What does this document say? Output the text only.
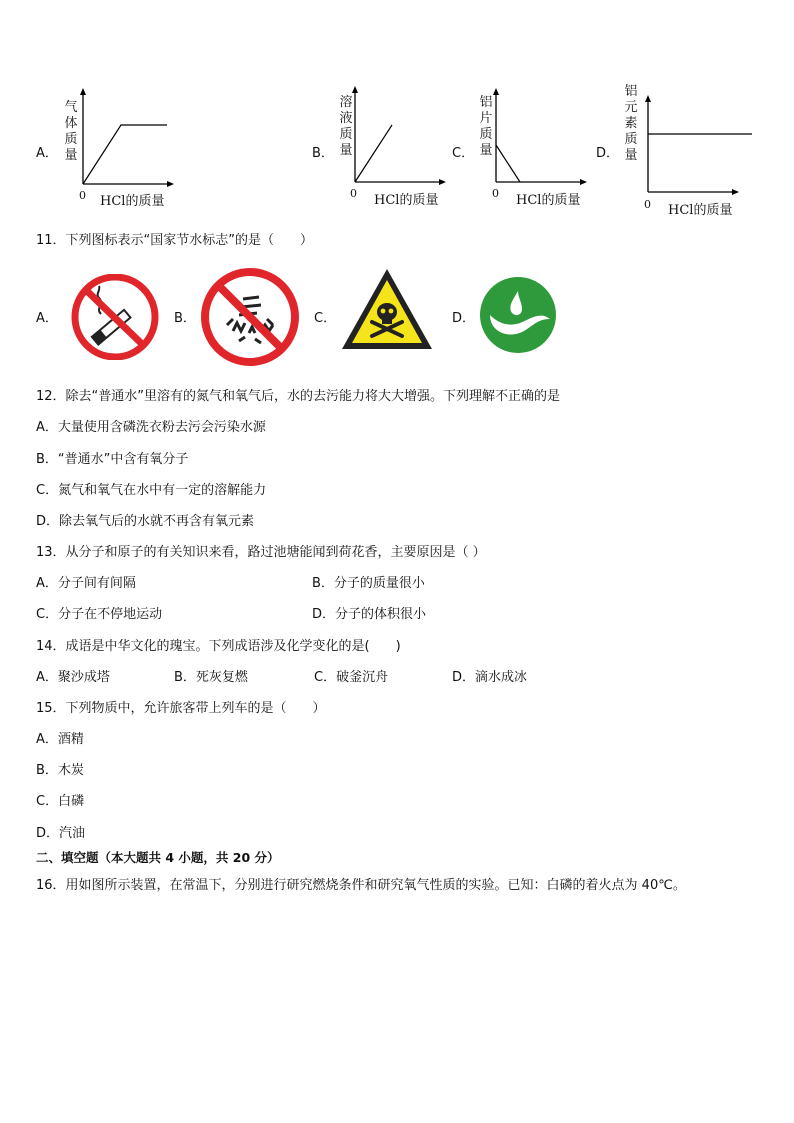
A．
气体质量
0 HCl的质量
B．
溶液质量
0 HCl的质量
C．
铝片质量
0 HCl的质量
D．
铝元素质量
0 HCl的质量
11．下列图标表示“国家节水标志”的是（　　）
A．	B．	C．	D．
12．除去“普通水”里溶有的氮气和氧气后，水的去污能力将大大增强。下列理解不正确的是
A．大量使用含磷洗衣粉去污会污染水源
B．“普通水”中含有氧分子
C．氮气和氧气在水中有一定的溶解能力
D．除去氧气后的水就不再含有氧元素
13．从分子和原子的有关知识来看，路过池塘能闻到荷花香，主要原因是（ ）
A．分子间有间隔	B．分子的质量很小
C．分子在不停地运动	D．分子的体积很小
14．成语是中华文化的瑰宝。下列成语涉及化学变化的是(　　)
A．聚沙成塔	B．死灰复燃	C．破釜沉舟	D．滴水成冰
15．下列物质中，允许旅客带上列车的是（　　）
A．酒精
B．木炭
C．白磷
D．汽油
二、填空题（本大题共 4 小题，共 20 分）
16．用如图所示装置，在常温下，分别进行研究燃烧条件和研究氧气性质的实验。已知：白磷的着火点为 40℃。
